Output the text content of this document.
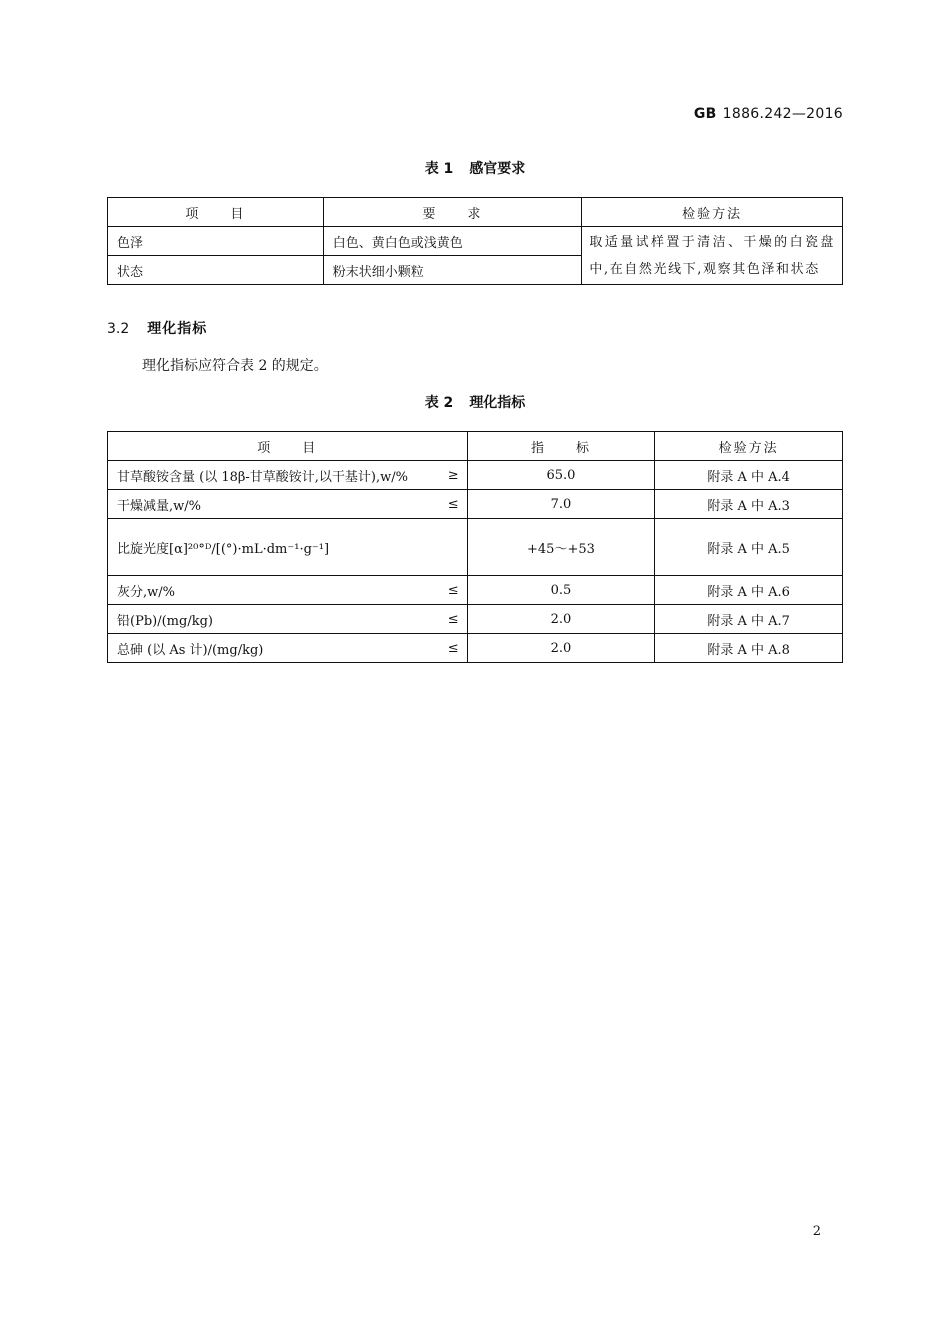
GB 1886.242—2016
表 1 感官要求
项　　目	要　　求	检验方法
色泽	白色、黄白色或浅黄色	取适量试样置于清洁、干燥的白瓷盘中,在自然光线下,观察其色泽和状态
状态	粉末状细小颗粒	
3.2 理化指标
理化指标应符合表 2 的规定。
表 2 理化指标
项　　目	指　　标	检验方法

甘草酸铵含量 (以 18β-甘草酸铵计,以干基计),w/% ≥	65.0	附录 A 中 A.4

干燥减量,w/% ≤	7.0	附录 A 中 A.3

比旋光度[α]²⁰°ᴰ/[(°)·mL·dm⁻¹·g⁻¹]	+45～+53	附录 A 中 A.5

灰分,w/% ≤	0.5	附录 A 中 A.6

铅(Pb)/(mg/kg) ≤	2.0	附录 A 中 A.7

总砷 (以 As 计)/(mg/kg) ≤	2.0	附录 A 中 A.8
2
